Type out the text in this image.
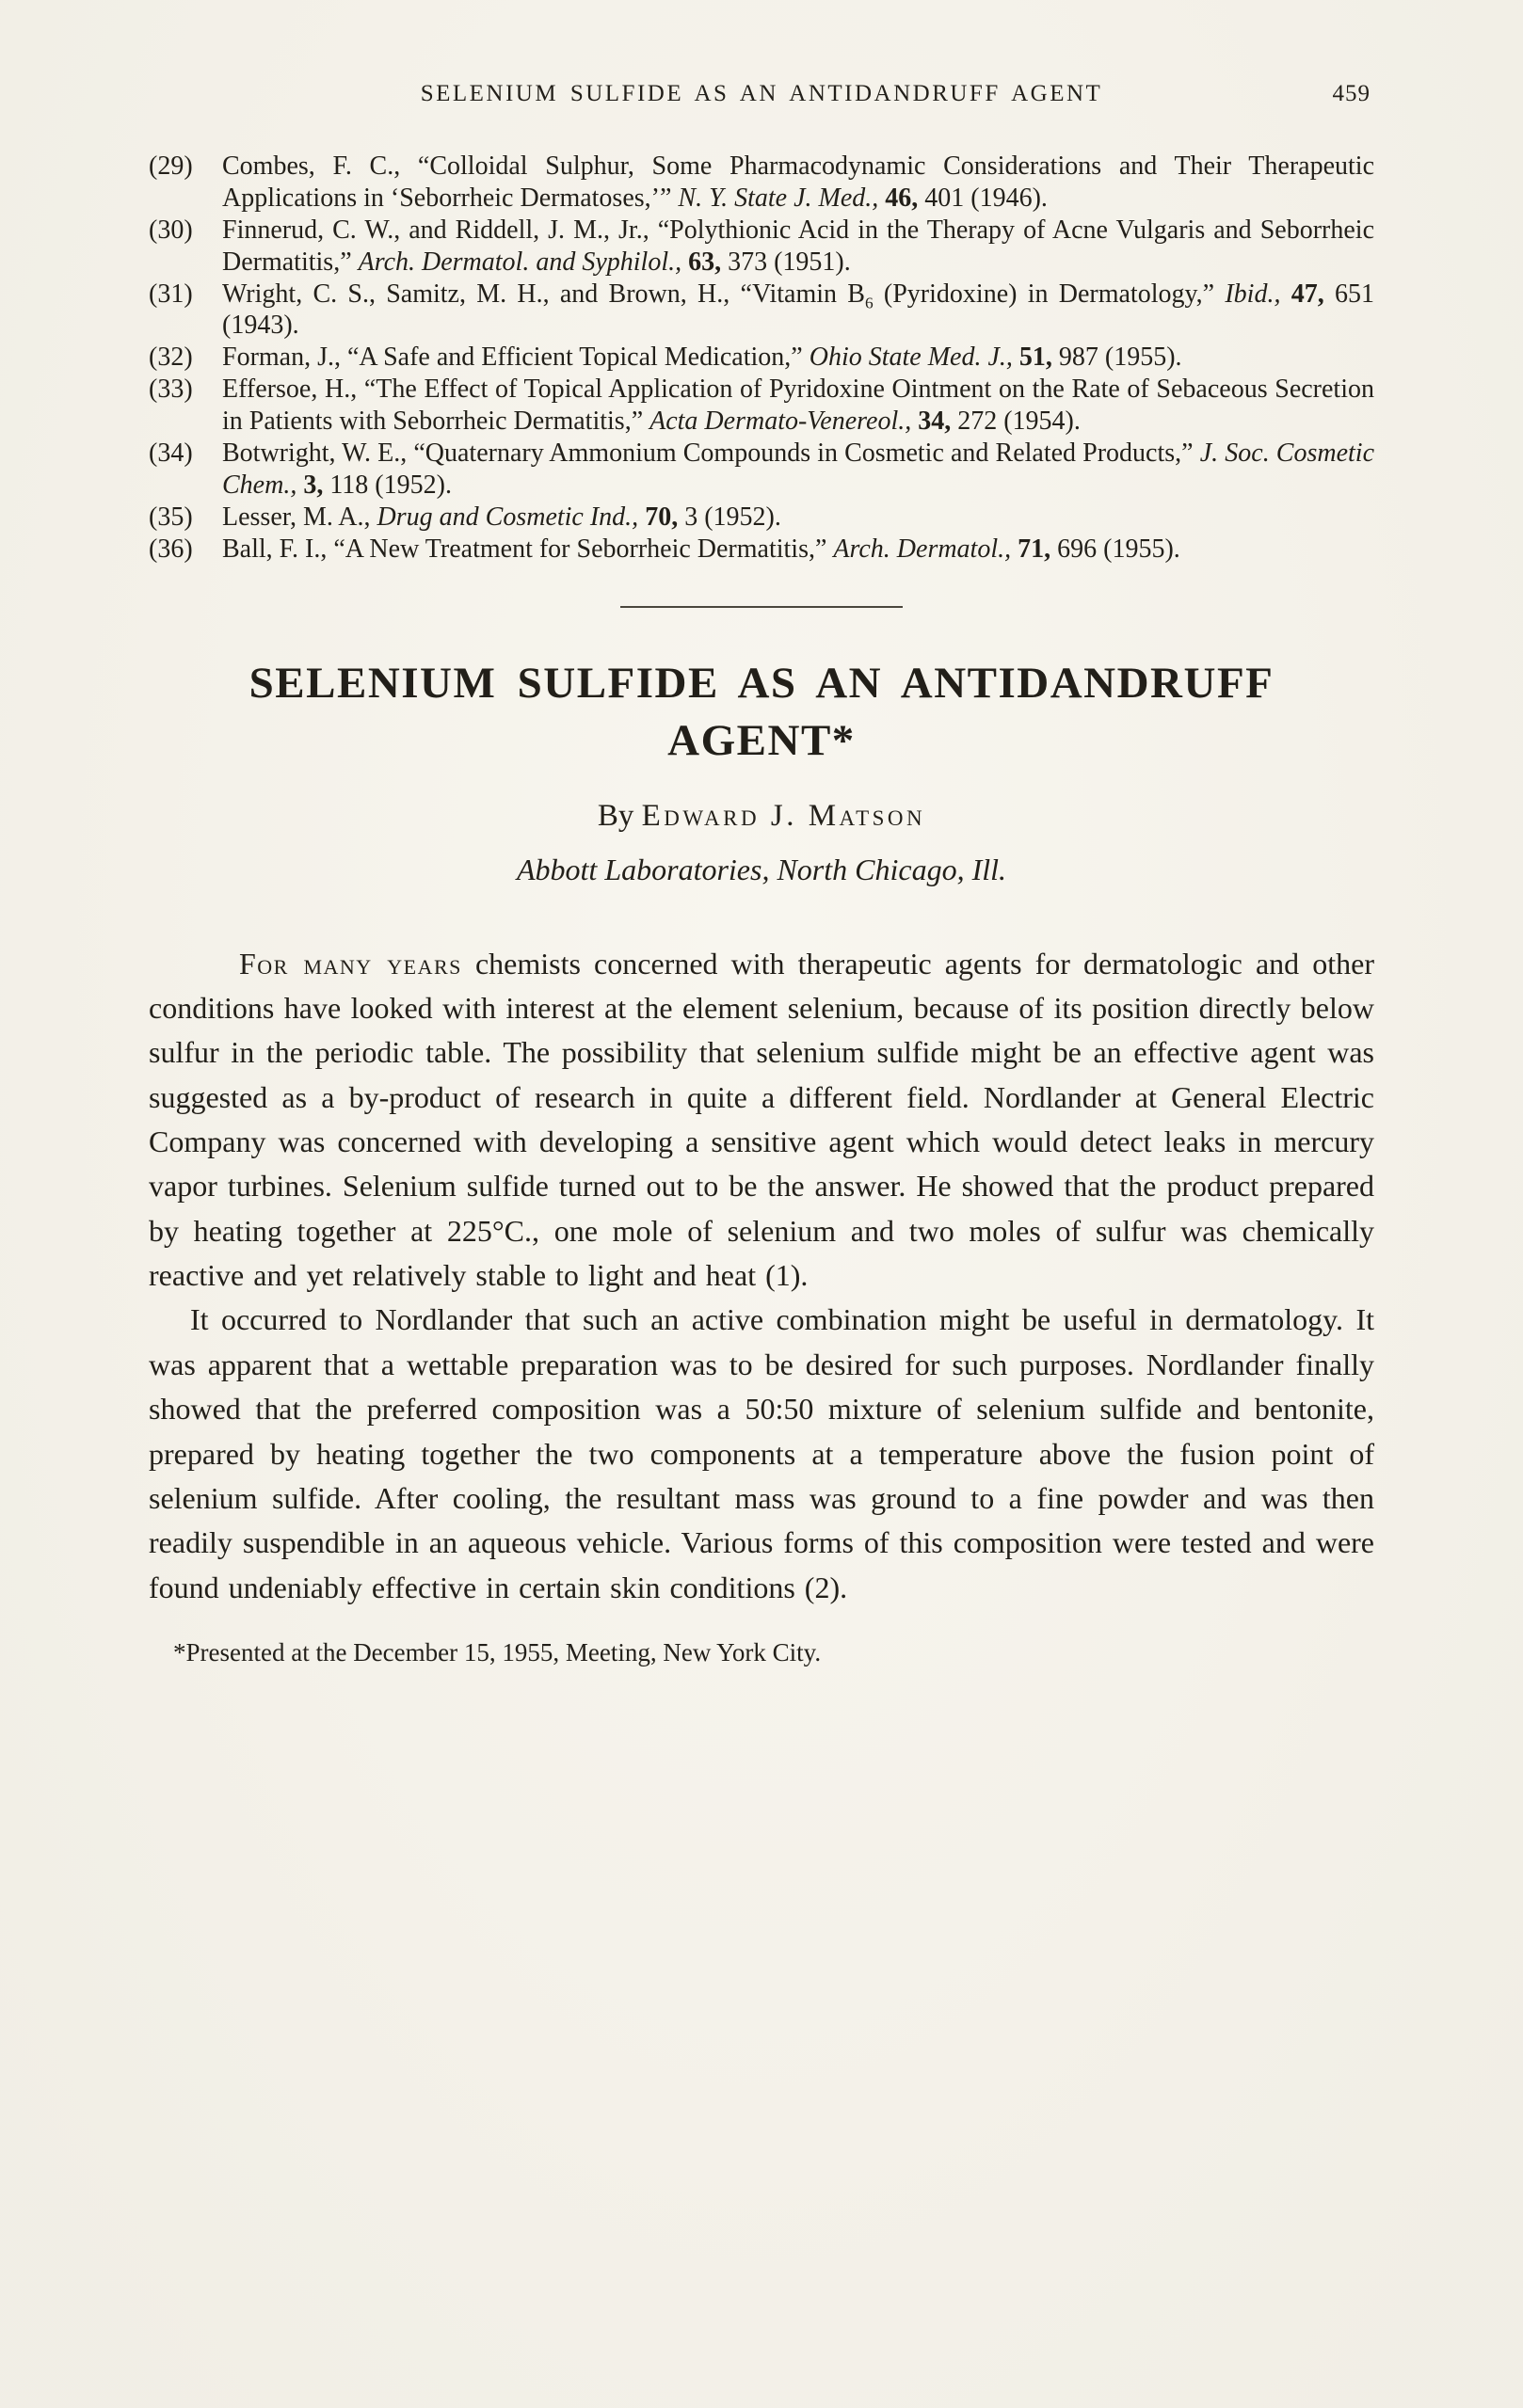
SELENIUM SULFIDE AS AN ANTIDANDRUFF AGENT	459
(29) Combes, F. C., “Colloidal Sulphur, Some Pharmacodynamic Considerations and Their Therapeutic Applications in ‘Seborrheic Dermatoses,’” N. Y. State J. Med., 46, 401 (1946).
(30) Finnerud, C. W., and Riddell, J. M., Jr., “Polythionic Acid in the Therapy of Acne Vulgaris and Seborrheic Dermatitis,” Arch. Dermatol. and Syphilol., 63, 373 (1951).
(31) Wright, C. S., Samitz, M. H., and Brown, H., “Vitamin $B_6$ (Pyridoxine) in Dermatology,” Ibid., 47, 651 (1943).
(32) Forman, J., “A Safe and Efficient Topical Medication,” Ohio State Med. J., 51, 987 (1955).
(33) Effersoe, H., “The Effect of Topical Application of Pyridoxine Ointment on the Rate of Sebaceous Secretion in Patients with Seborrheic Dermatitis,” Acta Dermato-Venereol., 34, 272 (1954).
(34) Botwright, W. E., “Quaternary Ammonium Compounds in Cosmetic and Related Products,” J. Soc. Cosmetic Chem., 3, 118 (1952).
(35) Lesser, M. A., Drug and Cosmetic Ind., 70, 3 (1952).
(36) Ball, F. I., “A New Treatment for Seborrheic Dermatitis,” Arch. Dermatol., 71, 696 (1955).
SELENIUM SULFIDE AS AN ANTIDANDRUFF
AGENT*
By Edward J. Matson
Abbott Laboratories, North Chicago, Ill.

For many years chemists concerned with therapeutic agents for dermatologic and other conditions have looked with interest at the element selenium, because of its position directly below sulfur in the periodic table. The possibility that selenium sulfide might be an effective agent was suggested as a by-product of research in quite a different field. Nordlander at General Electric Company was concerned with developing a sensitive agent which would detect leaks in mercury vapor turbines. Selenium sulfide turned out to be the answer. He showed that the product prepared by heating together at 225°C., one mole of selenium and two moles of sulfur was chemically reactive and yet relatively stable to light and heat (1).

It occurred to Nordlander that such an active combination might be useful in dermatology. It was apparent that a wettable preparation was to be desired for such purposes. Nordlander finally showed that the preferred composition was a 50:50 mixture of selenium sulfide and bentonite, prepared by heating together the two components at a temperature above the fusion point of selenium sulfide. After cooling, the resultant mass was ground to a fine powder and was then readily suspendible in an aqueous vehicle. Various forms of this composition were tested and were found undeniably effective in certain skin conditions (2).

*Presented at the December 15, 1955, Meeting, New York City.
